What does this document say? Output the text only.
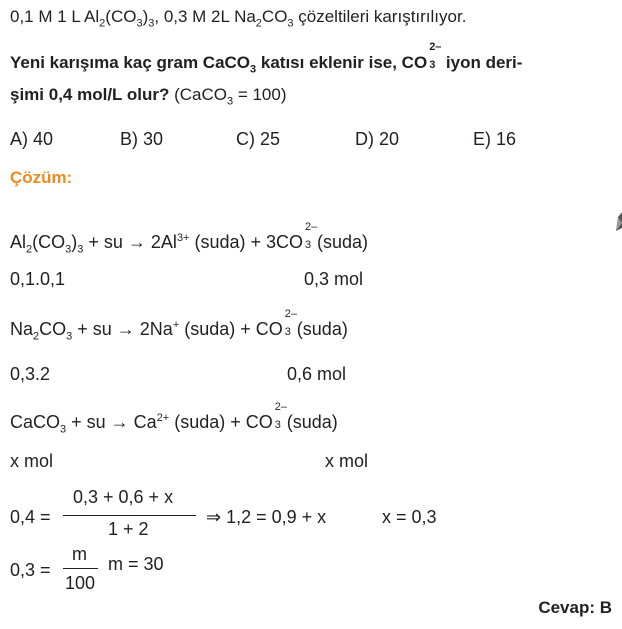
0,1 M 1 L $Al_2(CO_3)_3$, 0,3 M 2L $Na_2CO_3$ çözeltileri karıştırılıyor.
Yeni karışıma kaç gram CaCO$_3$ katısı eklenir ise, CO
2–
3 iyon deri-
şimi 0,4 mol/L olur? (CaCO$_3$ = 100)
A) 40	B) 30	C) 25	D) 20	E) 16
Çözüm:
$Al_2(CO_3)_3$ + su → $2Al^{3+}$ (suda) + 3CO
2–
3 (suda)
0,1.0,1	0,3 mol
$Na_2CO_3$ + su → 2Na+ (suda) + CO
2–
3 (suda)
0,3.2	0,6 mol
CaCO$_3$ + su → $Ca^{2+}$ (suda) + CO
2–
3 (suda)
x mol	x mol
0,4 =
0,3 + 0,6 + x
1 + 2
⇒ 1,2 = 0,9 + x	x = 0,3
0,3 =
m
100
m = 30
Cevap: B
